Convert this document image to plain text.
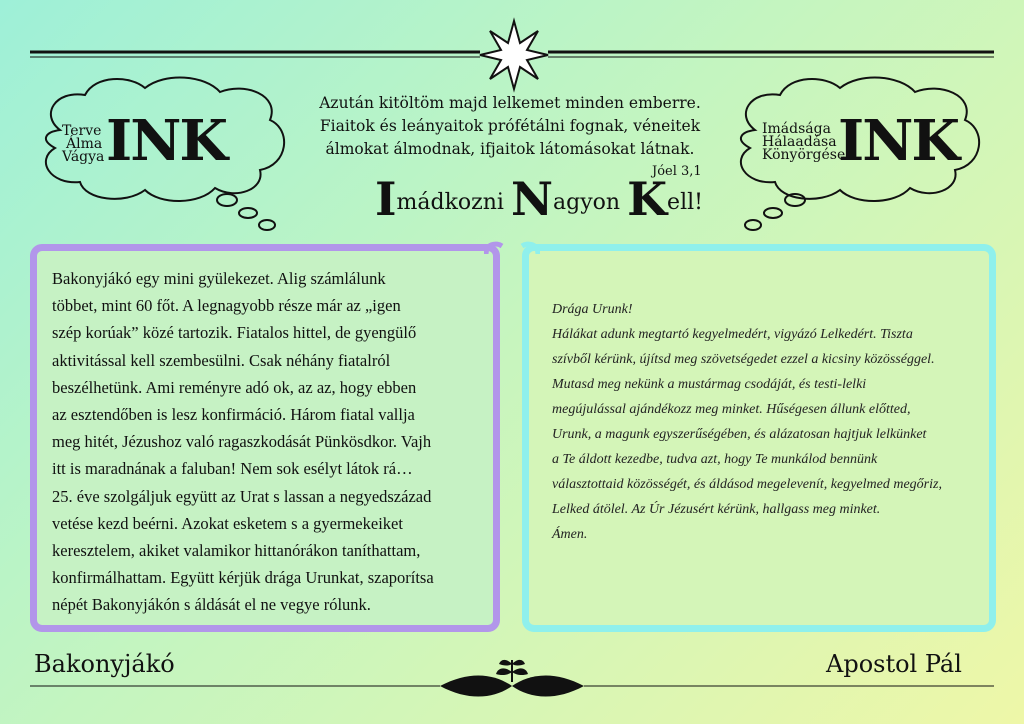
Terve
Álma
Vágya INK	Imádsága
Hálaadása
Könyörgése
INK
Azután kitöltöm majd lelkemet minden emberre.
Fiaitok és leányaitok prófétálni fognak, véneitek
álmokat álmodnak, ifjaitok látomásokat látnak.
Jóel 3,1
Imádkozni Nagyon Kell!
Bakonyjákó egy mini gyülekezet. Alig számlálunk
többet, mint 60 főt. A legnagyobb része már az „igen
szép korúak” közé tartozik. Fiatalos hittel, de gyengülő
aktivitással kell szembesülni. Csak néhány fiatalról
beszélhetünk. Ami reményre adó ok, az az, hogy ebben
az esztendőben is lesz konfirmáció. Három fiatal vallja
meg hitét, Jézushoz való ragaszkodását Pünkösdkor. Vajh
itt is maradnának a faluban! Nem sok esélyt látok rá…
25. éve szolgáljuk együtt az Urat s lassan a negyedszázad
vetése kezd beérni. Azokat esketem s a gyermekeiket
keresztelem, akiket valamikor hittanórákon taníthattam,
konfirmálhattam. Együtt kérjük drága Urunkat, szaporítsa
népét Bakonyjákón s áldását el ne vegye rólunk.
Drága Urunk!
Hálákat adunk megtartó kegyelmedért, vigyázó Lelkedért. Tiszta
szívből kérünk, újítsd meg szövetségedet ezzel a kicsiny közösséggel.
Mutasd meg nekünk a mustármag csodáját, és testi-lelki
megújulással ajándékozz meg minket. Hűségesen állunk előtted,
Urunk, a magunk egyszerűségében, és alázatosan hajtjuk lelkünket
a Te áldott kezedbe, tudva azt, hogy Te munkálod bennünk
választottaid közösségét, és áldásod megelevenít, kegyelmed megőriz,
Lelked átölel. Az Úr Jézusért kérünk, hallgass meg minket.
Ámen.
Bakonyjákó	Apostol Pál
